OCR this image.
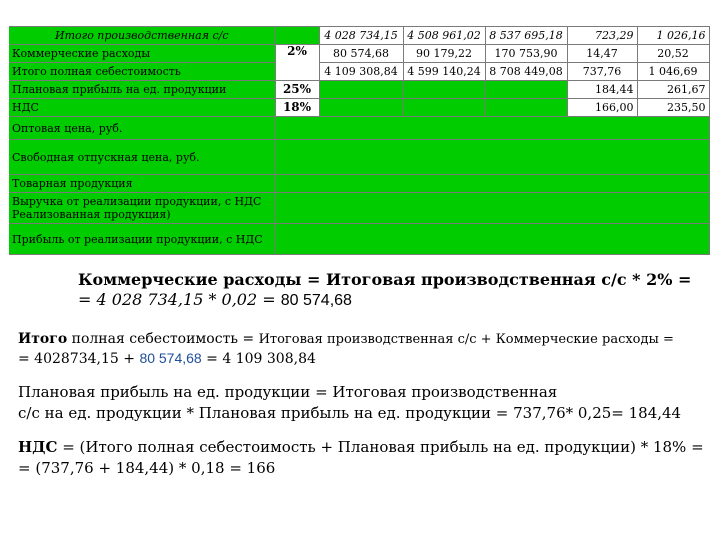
Итого производственная с/с		4 028 734,15	4 508 961,02	8 537 695,18	723,29	1 026,16
Коммерческие расходы	2%	80 574,68	90 179,22	170 753,90	14,47	20,52
Итого полная себестоимость		4 109 308,84	4 599 140,24	8 708 449,08	737,76	1 046,69
Плановая прибыль на ед. продукции	25%				184,44	261,67
НДС	18%				166,00	235,50
Оптовая цена, руб.						
Свободная отпускная цена, руб.						
Товарная продукция						
Выручка от реализации продукции, с НДС Реализованная продукция)						
Прибыль от реализации продукции, с НДС						
Коммерческие расходы = Итоговая производственная с/с * 2% =
= 4 028 734,15 * 0,02 = 80 574,68
Итого полная себестоимость = Итоговая производственная с/с + Коммерческие расходы =
= 4028734,15 + 80 574,68 = 4 109 308,84
Плановая прибыль на ед. продукции = Итоговая производственная
с/с на ед. продукции * Плановая прибыль на ед. продукции = 737,76* 0,25= 184,44
НДС = (Итого полная себестоимость + Плановая прибыль на ед. продукции) * 18% =
= (737,76 + 184,44) * 0,18 = 166
